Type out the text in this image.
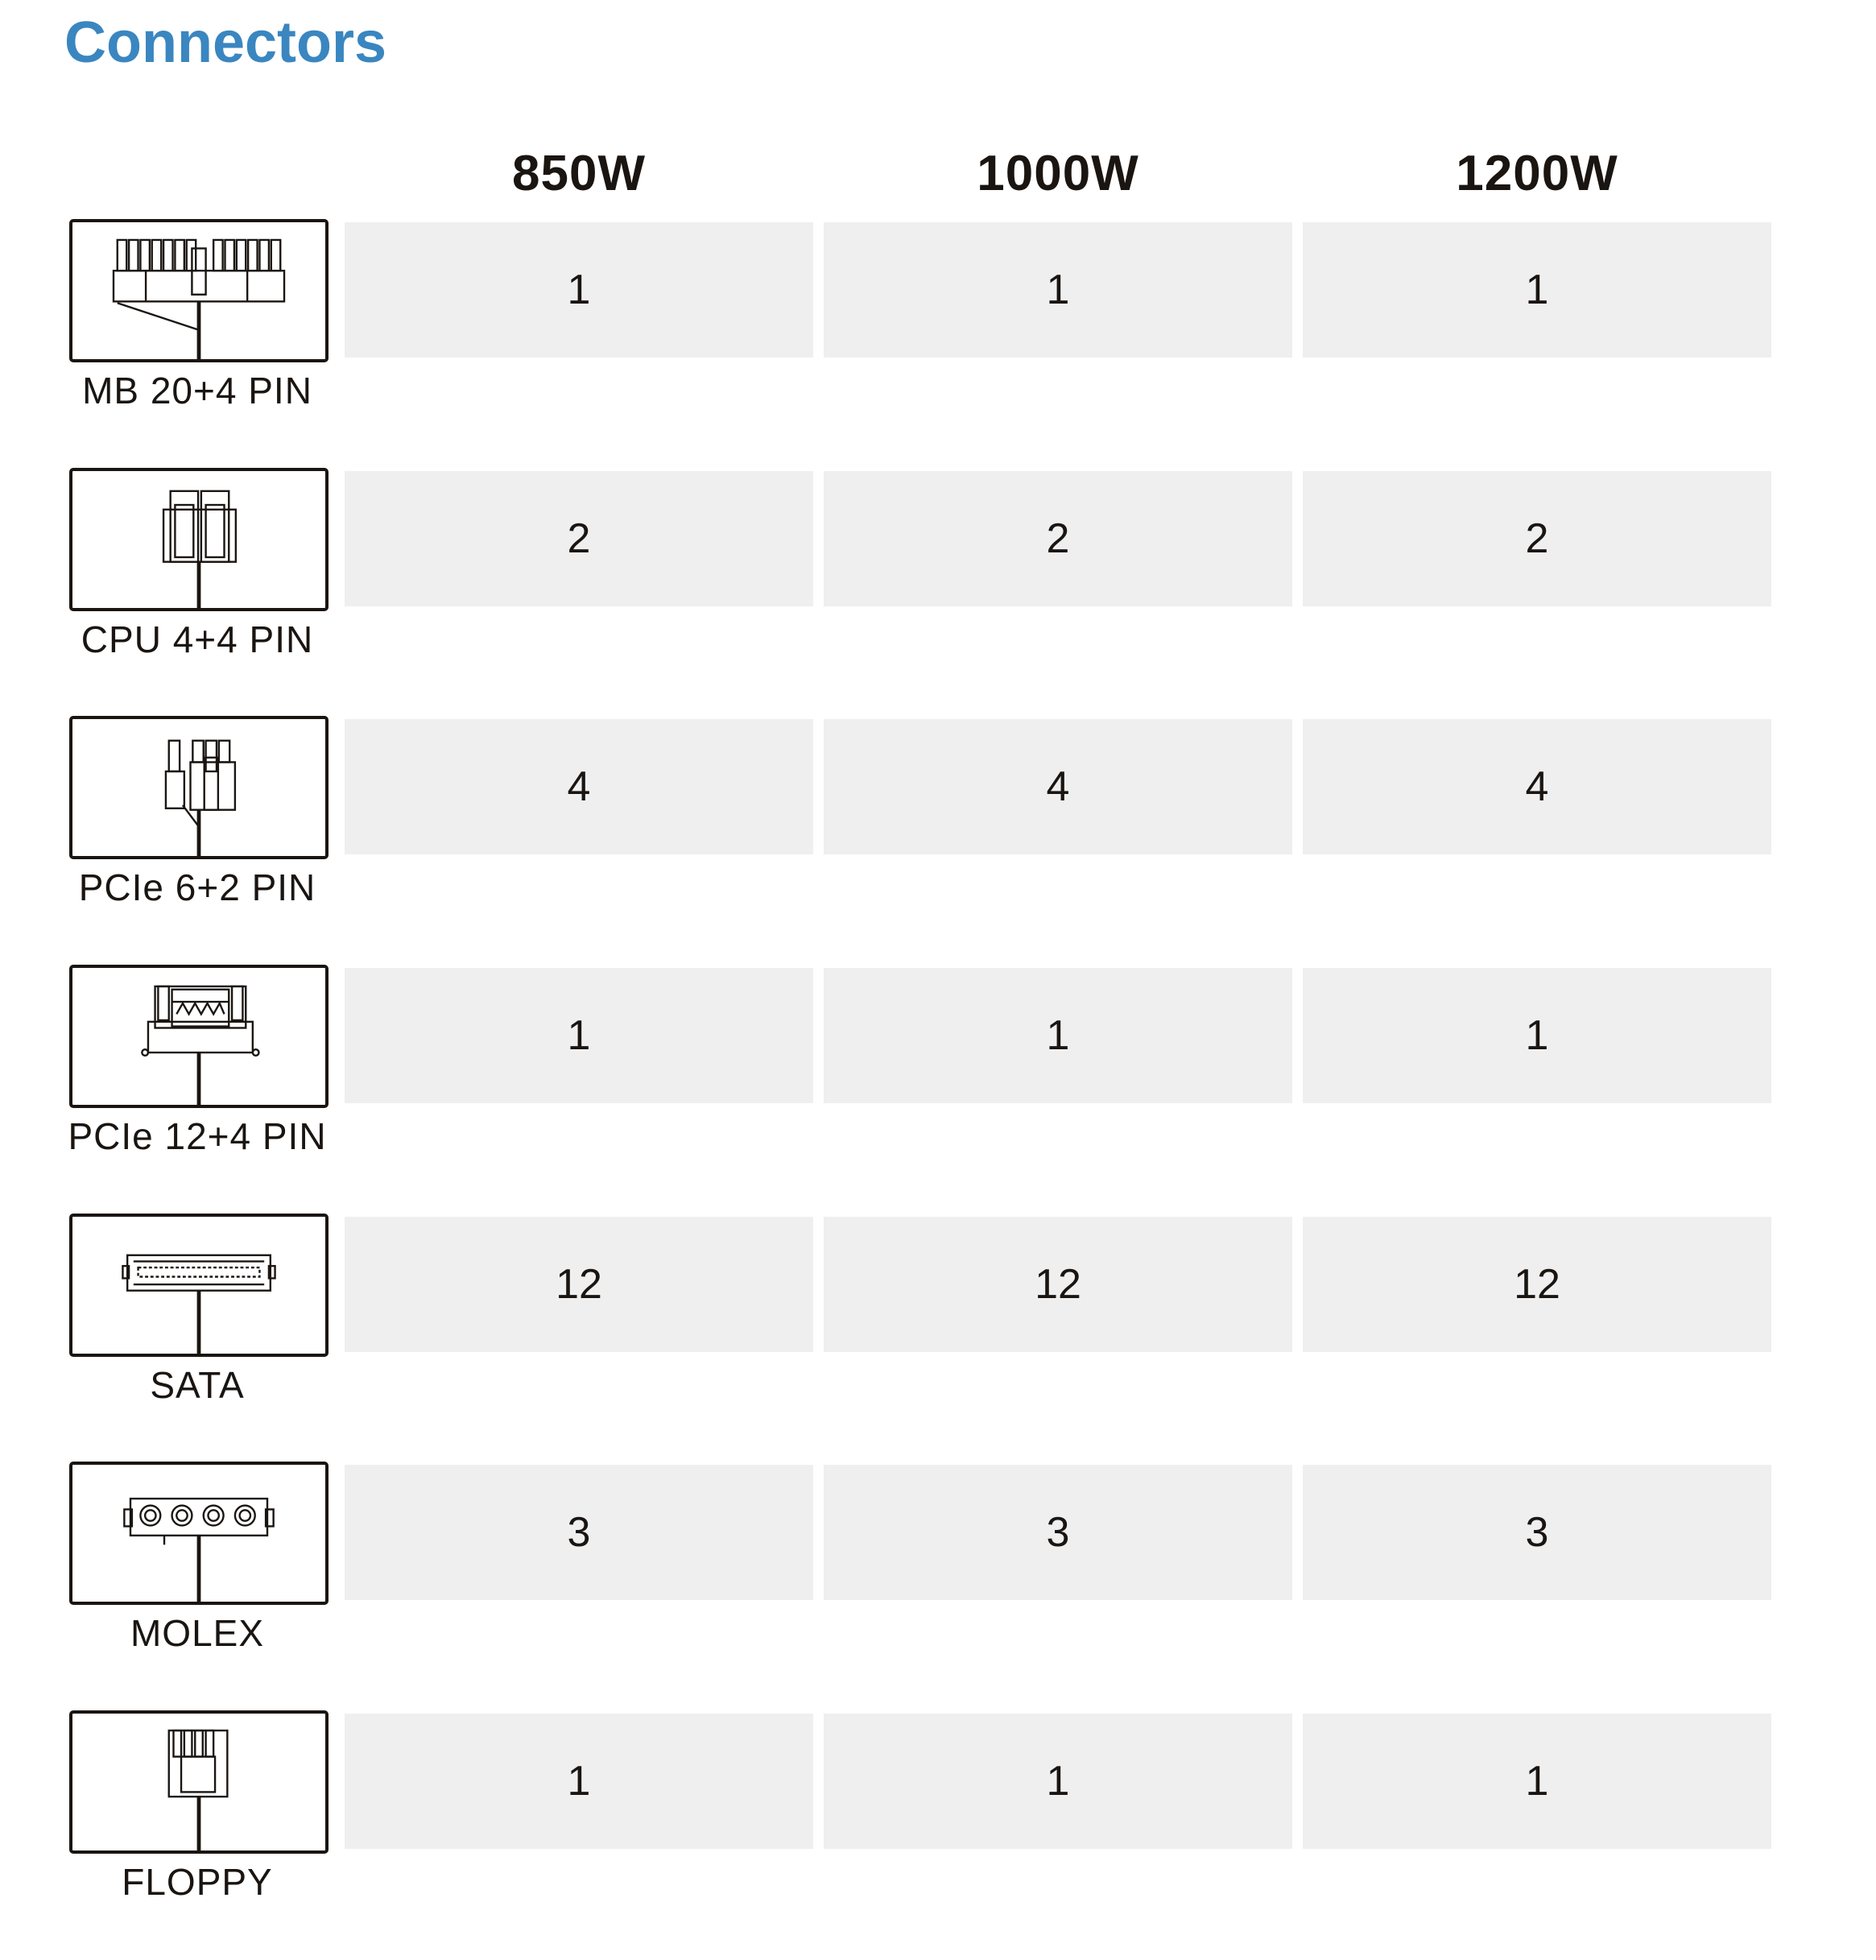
Connectors
850W	1000W	1200W
MB 20+4 PIN
1	1	1
CPU 4+4 PIN
2	2	2
PCIe 6+2 PIN
4	4	4
PCIe 12+4 PIN
1	1	1
SATA
12	12	12
MOLEX
3	3	3
FLOPPY
1	1	1
